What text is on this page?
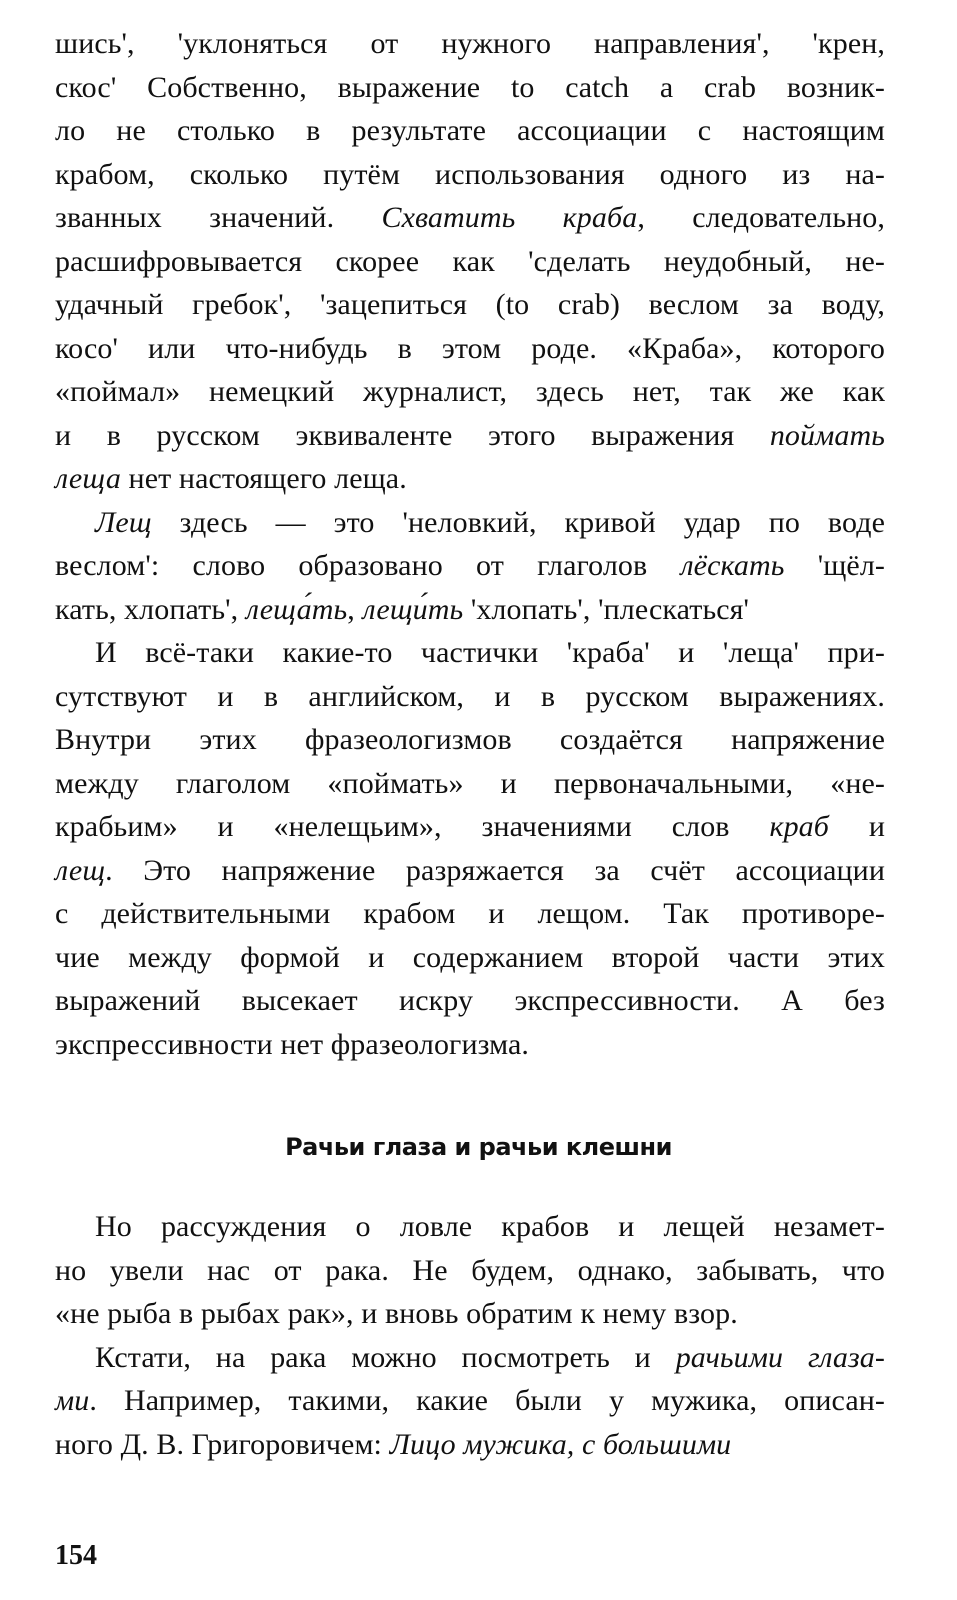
шись', 'уклоняться от нужного направления', 'крен,
скос' Собственно, выражение to catch a crab возник-
ло не столько в результате ассоциации с настоящим
крабом, сколько путём использования одного из на-
званных значений. Схватить краба, следовательно,
расшифровывается скорее как 'сделать неудобный, не-
удачный гребок', 'зацепиться (to crab) веслом за воду,
косо' или что-нибудь в этом роде. «Краба», которого
«поймал» немецкий журналист, здесь нет, так же как
и в русском эквиваленте этого выражения поймать
леща нет настоящего леща.
Лещ здесь — это 'неловкий, кривой удар по воде
веслом': слово образовано от глаголов лёскать 'щёл-
кать, хлопать', леща́ть, лещи́ть 'хлопать', 'плескаться'
И всё-таки какие-то частички 'краба' и 'леща' при-
сутствуют и в английском, и в русском выражениях.
Внутри этих фразеологизмов создаётся напряжение
между глаголом «поймать» и первоначальными, «не-
крабьим» и «нелещьим», значениями слов краб и
лещ. Это напряжение разряжается за счёт ассоциации
с действительными крабом и лещом. Так противоре-
чие между формой и содержанием второй части этих
выражений высекает искру экспрессивности. А без
экспрессивности нет фразеологизма.
Рачьи глаза и рачьи клешни
Но рассуждения о ловле крабов и лещей незамет-
но увели нас от рака. Не будем, однако, забывать, что
«не рыба в рыбах рак», и вновь обратим к нему взор.
Кстати, на рака можно посмотреть и рачьими глаза-
ми. Например, такими, какие были у мужика, описан-
ного Д. В. Григоровичем: Лицо мужика, с большими
154
